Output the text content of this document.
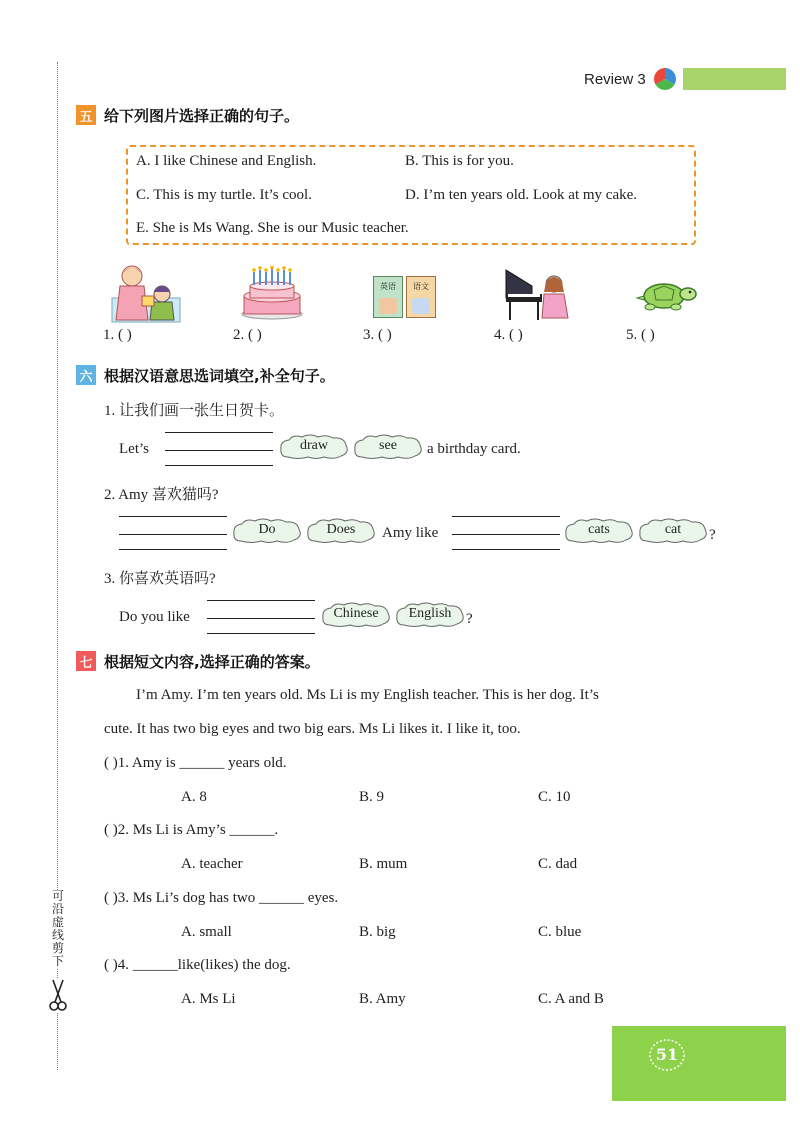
可沿虚线剪下
Review 3
五 给下列图片选择正确的句子。
A. I like Chinese and English.	B. This is for you.
C. This is my turtle. It’s cool.	D. I’m ten years old. Look at my cake.
E. She is Ms Wang. She is our Music teacher.
英语	语文
1. ( )	2. ( )	3. ( )	4. ( )	5. ( )
六 根据汉语意思选词填空,补全句子。
1. 让我们画一张生日贺卡。
Let’s	draw	see	a birthday card.
2. Amy 喜欢猫吗?
Do	Does	Amy like	cats	cat	?
3. 你喜欢英语吗?
Do you like	Chinese	English ?
七 根据短文内容,选择正确的答案。
I’m Amy. I’m ten years old. Ms Li is my English teacher. This is her dog. It’s
cute. It has two big eyes and two big ears. Ms Li likes it. I like it, too.
( )1. Amy is ______ years old.
A. 8	B. 9	C. 10
( )2. Ms Li is Amy’s ______.
A. teacher	B. mum	C. dad
( )3. Ms Li’s dog has two ______ eyes.
A. small	B. big	C. blue
( )4. ______like(likes) the dog.
A. Ms Li	B. Amy	C. A and B
51
